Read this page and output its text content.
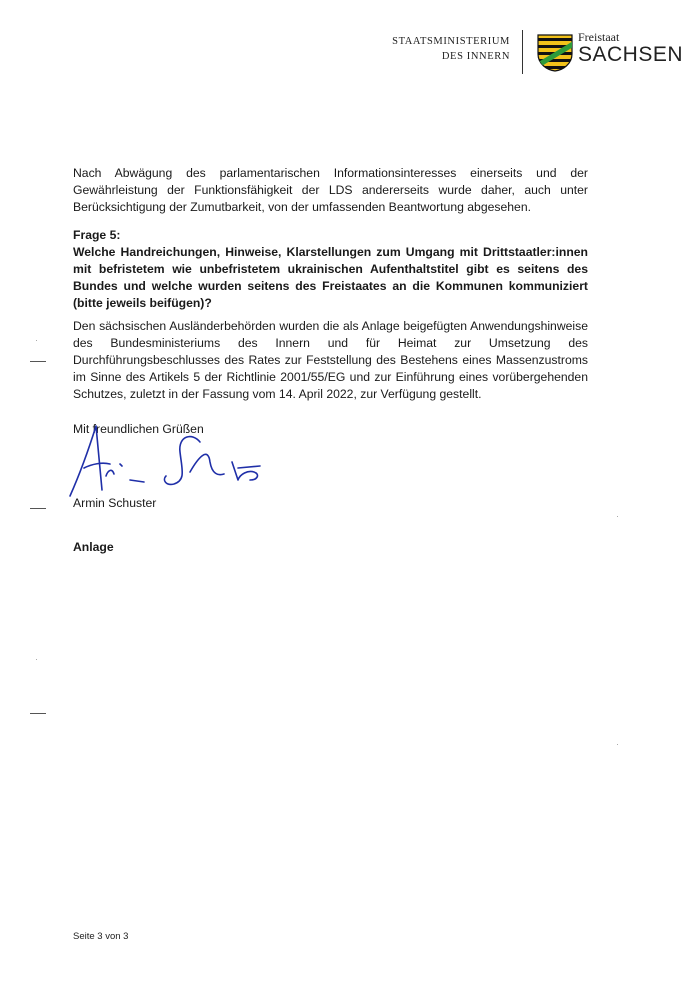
STAATSMINISTERIUM
DES INNERN
Freistaat
SACHSEN
Nach Abwägung des parlamentarischen Informationsinteresses einerseits und der Gewährleistung der Funktionsfähigkeit der LDS andererseits wurde daher, auch unter Berücksichtigung der Zumutbarkeit, von der umfassenden Beantwortung abgesehen.
Frage 5:
Welche Handreichungen, Hinweise, Klarstellungen zum Umgang mit Drittstaatler:innen mit befristetem wie unbefristetem ukrainischen Aufenthaltstitel gibt es seitens des Bundes und welche wurden seitens des Freistaates an die Kommunen kommuniziert (bitte jeweils beifügen)?
Den sächsischen Ausländerbehörden wurden die als Anlage beigefügten Anwendungshinweise des Bundesministeriums des Innern und für Heimat zur Umsetzung des Durchführungsbeschlusses des Rates zur Feststellung des Bestehens eines Massenzustroms im Sinne des Artikels 5 der Richtlinie 2001/55/EG und zur Einführung eines vorübergehenden Schutzes, zuletzt in der Fassung vom 14. April 2022, zur Verfügung gestellt.
Mit freundlichen Grüßen
Armin Schuster
Anlage
Seite 3 von 3
